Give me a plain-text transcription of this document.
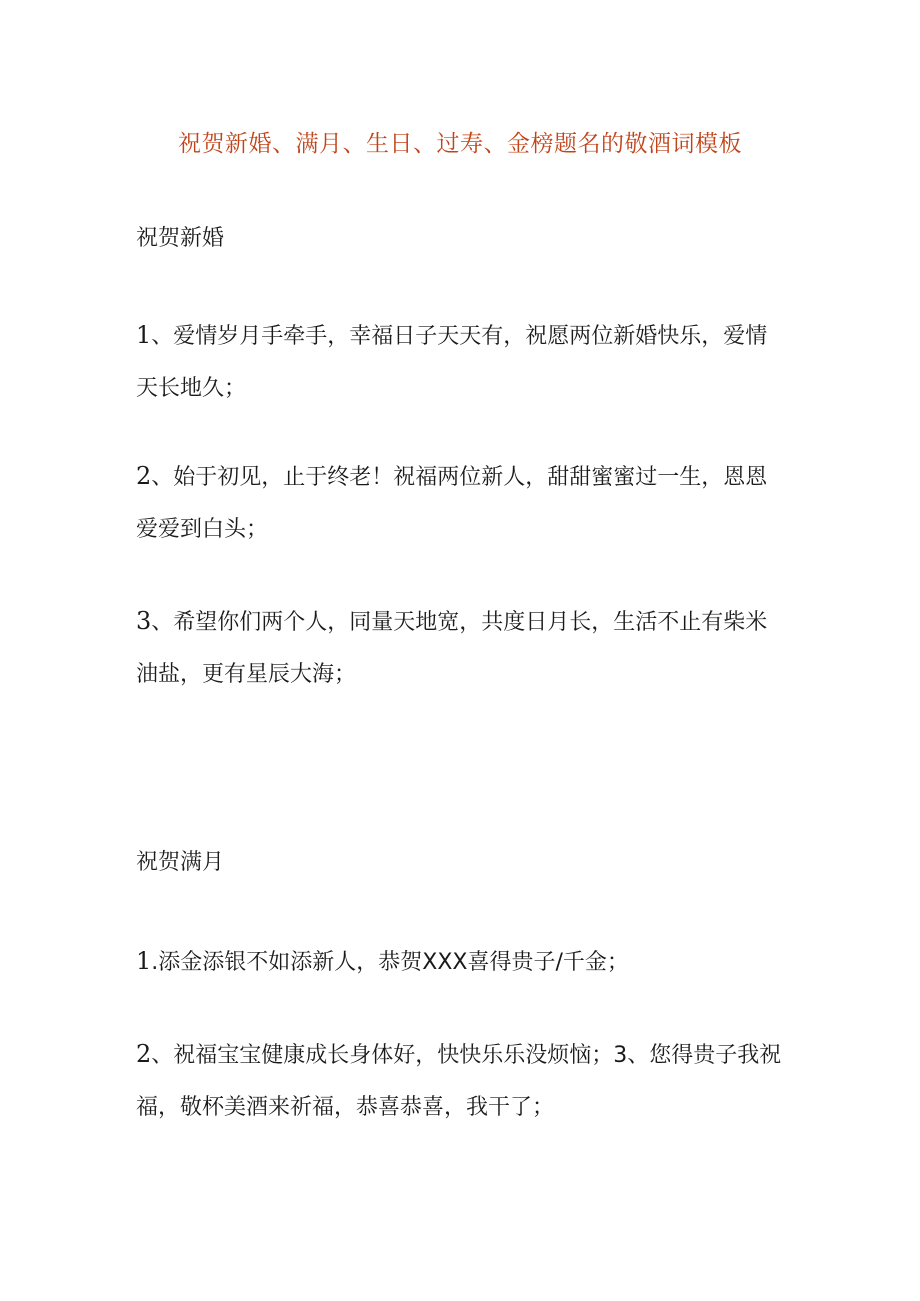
祝贺新婚、满月、生日、过寿、金榜题名的敬酒词模板
祝贺新婚
1、爱情岁月手牵手，幸福日子天天有，祝愿两位新婚快乐，爱情天长地久；
2、始于初见，止于终老！祝福两位新人，甜甜蜜蜜过一生，恩恩爱爱到白头；
3、希望你们两个人，同量天地宽，共度日月长，生活不止有柴米油盐，更有星辰大海；
祝贺满月
1.添金添银不如添新人，恭贺XXX喜得贵子/千金；
2、祝福宝宝健康成长身体好，快快乐乐没烦恼；3、您得贵子我祝福，敬杯美酒来祈福，恭喜恭喜，我干了；
